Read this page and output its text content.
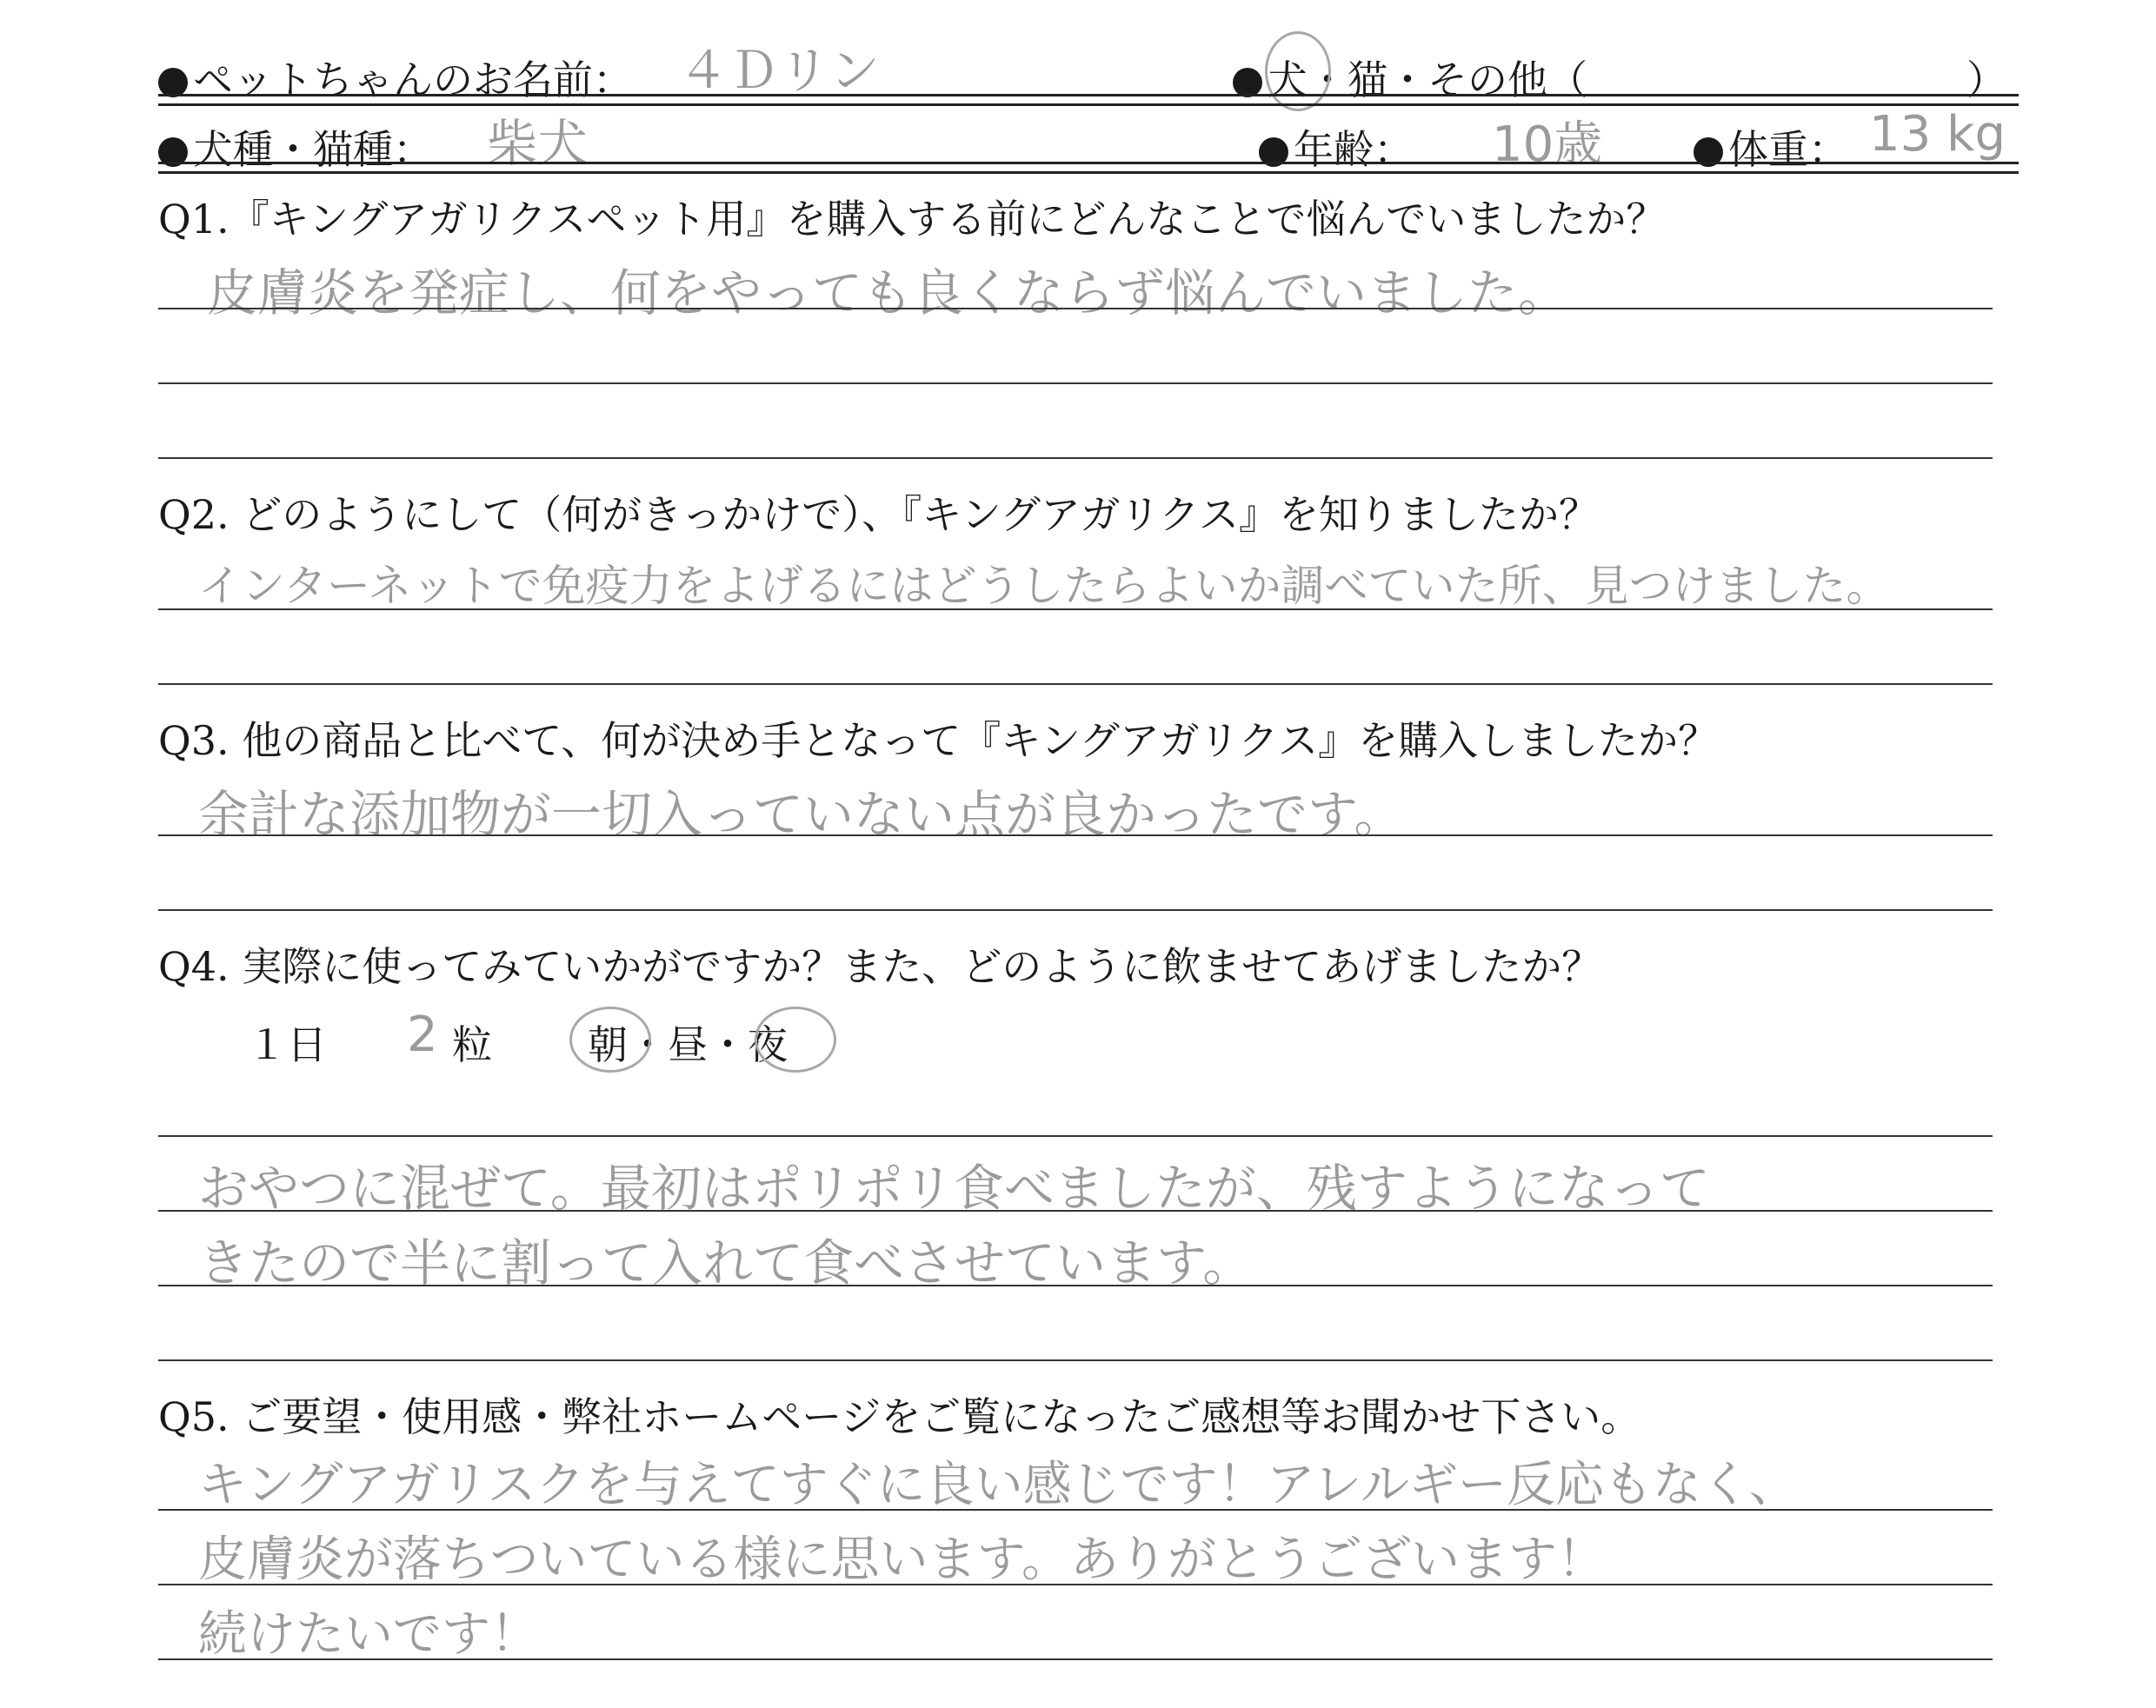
ペットちゃんのお名前： ４Ｄリン	犬・猫・その他（	）
犬種・猫種： 柴犬	年齢： 10歳	体重： 13 kg
Q1.『キングアガリクスペット用』を購入する前にどんなことで悩んでいましたか？
皮膚炎を発症し、何をやっても良くならず悩んでいました。
Q2. どのようにして（何がきっかけで）、『キングアガリクス』を知りましたか？
インターネットで免疫力をよげるにはどうしたらよいか調べていた所、見つけました。
Q3. 他の商品と比べて、何が決め手となって『キングアガリクス』を購入しましたか？
余計な添加物が一切入っていない点が良かったです。
Q4. 実際に使ってみていかがですか？また、どのように飲ませてあげましたか？
１日 2 粒 朝・昼・夜
おやつに混ぜて。最初はポリポリ食べましたが、残すようになって
きたので半に割って入れて食べさせています。
Q5. ご要望・使用感・弊社ホームページをご覧になったご感想等お聞かせ下さい。
キングアガリスクを与えてすぐに良い感じです！アレルギー反応もなく、
皮膚炎が落ちついている様に思います。ありがとうございます！
続けたいです！
